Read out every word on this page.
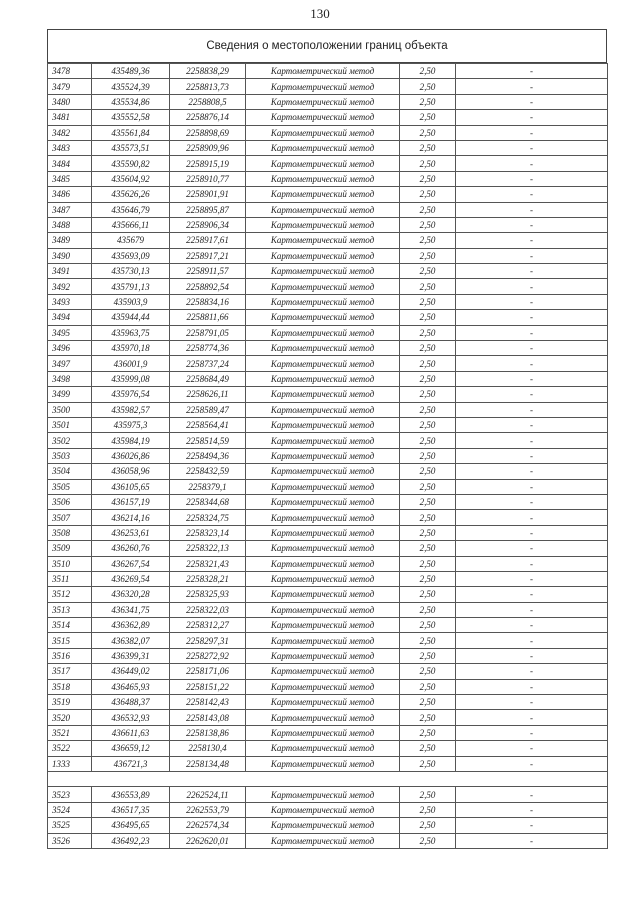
130
Сведения о местоположении границ объекта
3478	435489,36	2258838,29	Картометрический метод	2,50	-
3479	435524,39	2258813,73	Картометрический метод	2,50	-
3480	435534,86	2258808,5	Картометрический метод	2,50	-
3481	435552,58	2258876,14	Картометрический метод	2,50	-
3482	435561,84	2258898,69	Картометрический метод	2,50	-
3483	435573,51	2258909,96	Картометрический метод	2,50	-
3484	435590,82	2258915,19	Картометрический метод	2,50	-
3485	435604,92	2258910,77	Картометрический метод	2,50	-
3486	435626,26	2258901,91	Картометрический метод	2,50	-
3487	435646,79	2258895,87	Картометрический метод	2,50	-
3488	435666,11	2258906,34	Картометрический метод	2,50	-
3489	435679	2258917,61	Картометрический метод	2,50	-
3490	435693,09	2258917,21	Картометрический метод	2,50	-
3491	435730,13	2258911,57	Картометрический метод	2,50	-
3492	435791,13	2258892,54	Картометрический метод	2,50	-
3493	435903,9	2258834,16	Картометрический метод	2,50	-
3494	435944,44	2258811,66	Картометрический метод	2,50	-
3495	435963,75	2258791,05	Картометрический метод	2,50	-
3496	435970,18	2258774,36	Картометрический метод	2,50	-
3497	436001,9	2258737,24	Картометрический метод	2,50	-
3498	435999,08	2258684,49	Картометрический метод	2,50	-
3499	435976,54	2258626,11	Картометрический метод	2,50	-
3500	435982,57	2258589,47	Картометрический метод	2,50	-
3501	435975,3	2258564,41	Картометрический метод	2,50	-
3502	435984,19	2258514,59	Картометрический метод	2,50	-
3503	436026,86	2258494,36	Картометрический метод	2,50	-
3504	436058,96	2258432,59	Картометрический метод	2,50	-
3505	436105,65	2258379,1	Картометрический метод	2,50	-
3506	436157,19	2258344,68	Картометрический метод	2,50	-
3507	436214,16	2258324,75	Картометрический метод	2,50	-
3508	436253,61	2258323,14	Картометрический метод	2,50	-
3509	436260,76	2258322,13	Картометрический метод	2,50	-
3510	436267,54	2258321,43	Картометрический метод	2,50	-
3511	436269,54	2258328,21	Картометрический метод	2,50	-
3512	436320,28	2258325,93	Картометрический метод	2,50	-
3513	436341,75	2258322,03	Картометрический метод	2,50	-
3514	436362,89	2258312,27	Картометрический метод	2,50	-
3515	436382,07	2258297,31	Картометрический метод	2,50	-
3516	436399,31	2258272,92	Картометрический метод	2,50	-
3517	436449,02	2258171,06	Картометрический метод	2,50	-
3518	436465,93	2258151,22	Картометрический метод	2,50	-
3519	436488,37	2258142,43	Картометрический метод	2,50	-
3520	436532,93	2258143,08	Картометрический метод	2,50	-
3521	436611,63	2258138,86	Картометрический метод	2,50	-
3522	436659,12	2258130,4	Картометрический метод	2,50	-
1333	436721,3	2258134,48	Картометрический метод	2,50	-

3523	436553,89	2262524,11	Картометрический метод	2,50	-
3524	436517,35	2262553,79	Картометрический метод	2,50	-
3525	436495,65	2262574,34	Картометрический метод	2,50	-
3526	436492,23	2262620,01	Картометрический метод	2,50	-
